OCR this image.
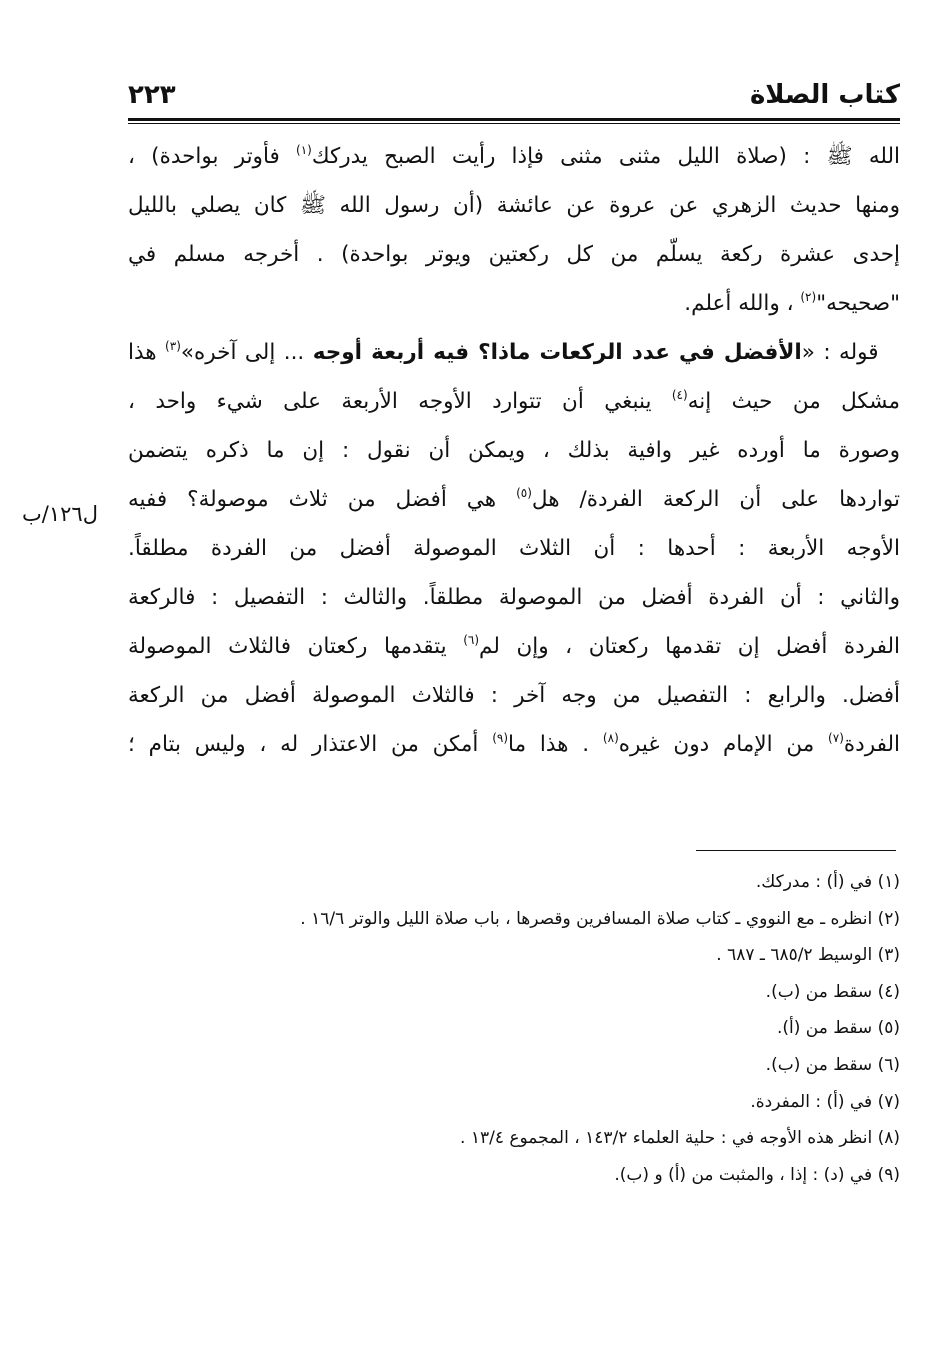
كتاب الصلاة
٢٢٣
الله ﷺ : (صلاة الليل مثنى مثنى فإذا رأيت الصبح يدركك$^{(١)}$ فأوتر بواحدة) ،
ومنها حديث الزهري عن عروة عن عائشة (أن رسول الله ﷺ كان يصلي بالليل
إحدى عشرة ركعة يسلّم من كل ركعتين ويوتر بواحدة) . أخرجه مسلم في
"صحيحه"$^{(٢)}$ ، والله أعلم.
 قوله : «الأفضل في عدد الركعات ماذا؟ فيه أربعة أوجه ... إلى آخره»$^{(٣)}$ هذا
مشكل من حيث إنه$^{(٤)}$ ينبغي أن تتوارد الأوجه الأربعة على شيء واحد ،
وصورة ما أورده غير وافية بذلك ، ويمكن أن نقول : إن ما ذكره يتضمن
تواردها على أن الركعة الفردة/ هل$^{(٥)}$ هي أفضل من ثلاث موصولة؟ ففيه
الأوجه الأربعة : أحدها : أن الثلاث الموصولة أفضل من الفردة مطلقاً.
والثاني : أن الفردة أفضل من الموصولة مطلقاً. والثالث : التفصيل : فالركعة
الفردة أفضل إن تقدمها ركعتان ، وإن لم$^{(٦)}$ يتقدمها ركعتان فالثلاث الموصولة
أفضل. والرابع : التفصيل من وجه آخر : فالثلاث الموصولة أفضل من الركعة
الفردة$^{(٧)}$ من الإمام دون غيره$^{(٨)}$ . هذا ما$^{(٩)}$ أمكن من الاعتذار له ، وليس بتام ؛
ل١٢٦/ب
(١) في (أ) : مدركك.
(٢) انظره ـ مع النووي ـ كتاب صلاة المسافرين وقصرها ، باب صلاة الليل والوتر ١٦/٦ .
(٣) الوسيط ٦٨٥/٢ ـ ٦٨٧ .
(٤) سقط من (ب).
(٥) سقط من (أ).
(٦) سقط من (ب).
(٧) في (أ) : المفردة.
(٨) انظر هذه الأوجه في : حلية العلماء ١٤٣/٢ ، المجموع ١٣/٤ .
(٩) في (د) : إذا ، والمثبت من (أ) و (ب).
